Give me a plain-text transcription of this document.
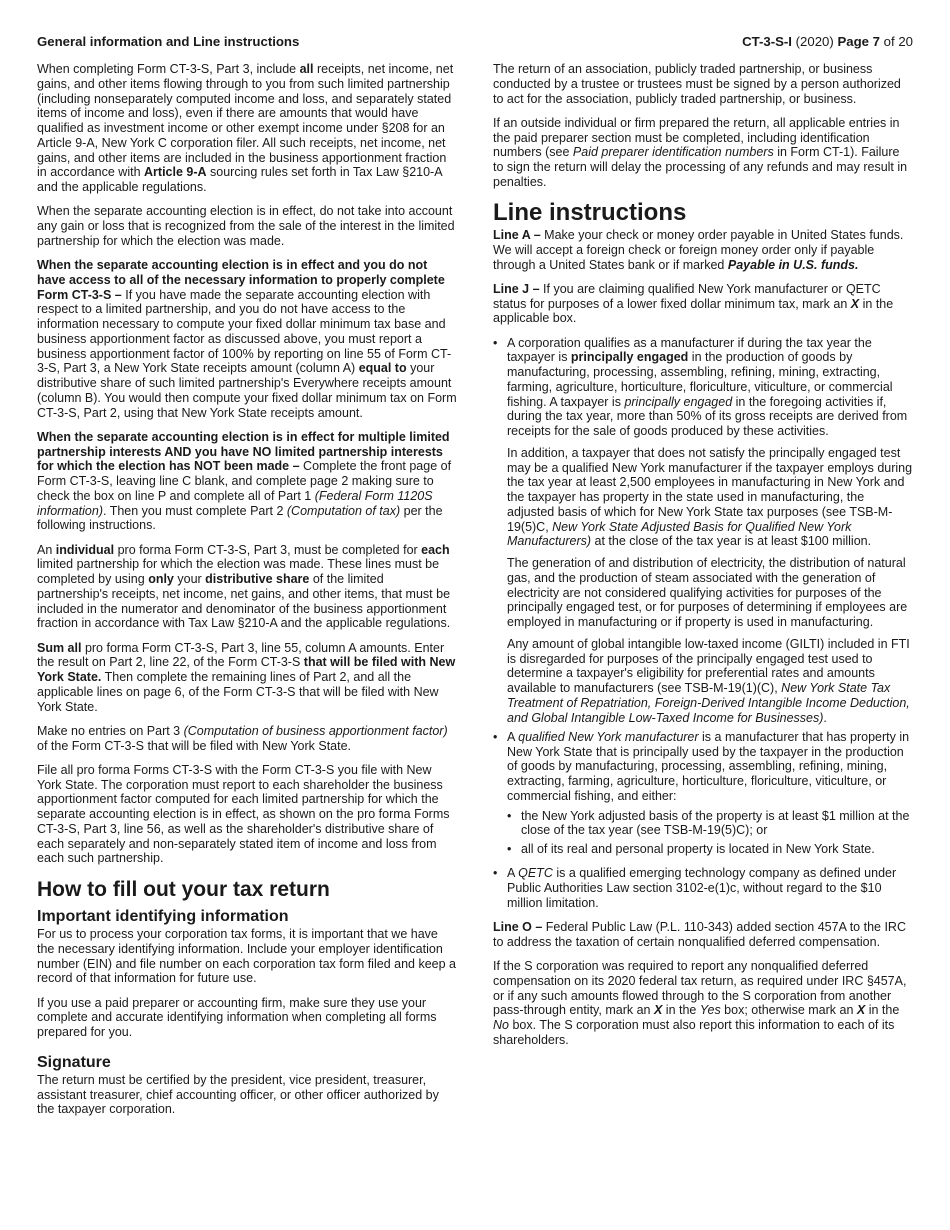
General information and Line instructions	CT-3-S-I (2020) Page 7 of 20

When completing Form CT-3-S, Part 3, include all receipts, net income, net gains, and other items flowing through to you from such limited partnership (including nonseparately computed income and loss, and separately stated items of income and loss), even if there are amounts that would have qualified as investment income or other exempt income under §208 for an Article 9-A, New York C corporation filer. All such receipts, net income, net gains, and other items are included in the business apportionment fraction in accordance with Article 9-A sourcing rules set forth in Tax Law §210-A and the applicable regulations.

When the separate accounting election is in effect, do not take into account any gain or loss that is recognized from the sale of the interest in the limited partnership for which the election was made.

When the separate accounting election is in effect and you do not have access to all of the necessary information to properly complete Form CT-3-S – If you have made the separate accounting election with respect to a limited partnership, and you do not have access to the information necessary to compute your fixed dollar minimum tax base and business apportionment factor as discussed above, you must report a business apportionment factor of 100% by reporting on line 55 of Form CT-3-S, Part 3, a New York State receipts amount (column A) equal to your distributive share of such limited partnership's Everywhere receipts amount (column B). You would then compute your fixed dollar minimum tax on Form CT-3-S, Part 2, using that New York State receipts amount.

When the separate accounting election is in effect for multiple limited partnership interests AND you have NO limited partnership interests for which the election has NOT been made – Complete the front page of Form CT-3-S, leaving line C blank, and complete page 2 making sure to check the box on line P and complete all of Part 1 (Federal Form 1120S information). Then you must complete Part 2 (Computation of tax) per the following instructions.

An individual pro forma Form CT-3-S, Part 3, must be completed for each limited partnership for which the election was made. These lines must be completed by using only your distributive share of the limited partnership's receipts, net income, net gains, and other items, that must be included in the numerator and denominator of the business apportionment fraction in accordance with Tax Law §210-A and the applicable regulations.

Sum all pro forma Form CT-3-S, Part 3, line 55, column A amounts. Enter the result on Part 2, line 22, of the Form CT-3-S that will be filed with New York State. Then complete the remaining lines of Part 2, and all the applicable lines on page 6, of the Form CT-3-S that will be filed with New York State.

Make no entries on Part 3 (Computation of business apportionment factor) of the Form CT-3-S that will be filed with New York State.

File all pro forma Forms CT-3-S with the Form CT-3-S you file with New York State. The corporation must report to each shareholder the business apportionment factor computed for each limited partnership for which the separate accounting election is in effect, as shown on the pro forma Forms CT-3-S, Part 3, line 56, as well as the shareholder's distributive share of each separately and non-separately stated item of income and loss from each such partnership.

How to fill out your tax return
Important identifying information

For us to process your corporation tax forms, it is important that we have the necessary identifying information. Include your employer identification number (EIN) and file number on each corporation tax form filed and keep a record of that information for future use.

If you use a paid preparer or accounting firm, make sure they use your complete and accurate identifying information when completing all forms prepared for you.

Signature

The return must be certified by the president, vice president, treasurer, assistant treasurer, chief accounting officer, or other officer authorized by the taxpayer corporation.

The return of an association, publicly traded partnership, or business conducted by a trustee or trustees must be signed by a person authorized to act for the association, publicly traded partnership, or business.

If an outside individual or firm prepared the return, all applicable entries in the paid preparer section must be completed, including identification numbers (see Paid preparer identification numbers in Form CT-1). Failure to sign the return will delay the processing of any refunds and may result in penalties.

Line instructions

Line A – Make your check or money order payable in United States funds. We will accept a foreign check or foreign money order only if payable through a United States bank or if marked Payable in U.S. funds.

Line J – If you are claiming qualified New York manufacturer or QETC status for purposes of a lower fixed dollar minimum tax, mark an X in the applicable box.

• A corporation qualifies as a manufacturer if during the tax year the taxpayer is principally engaged in the production of goods by manufacturing, processing, assembling, refining, mining, extracting, farming, agriculture, horticulture, floriculture, viticulture, or commercial fishing. A taxpayer is principally engaged in the foregoing activities if, during the tax year, more than 50% of its gross receipts are derived from receipts for the sale of goods produced by these activities.

In addition, a taxpayer that does not satisfy the principally engaged test may be a qualified New York manufacturer if the taxpayer employs during the tax year at least 2,500 employees in manufacturing in New York and the taxpayer has property in the state used in manufacturing, the adjusted basis of which for New York State tax purposes (see TSB-M-19(5)C, New York State Adjusted Basis for Qualified New York Manufacturers) at the close of the tax year is at least $100 million.

The generation of and distribution of electricity, the distribution of natural gas, and the production of steam associated with the generation of electricity are not considered qualifying activities for purposes of the principally engaged test, or for purposes of determining if employees are employed in manufacturing or if property is used in manufacturing.

Any amount of global intangible low-taxed income (GILTI) included in FTI is disregarded for purposes of the principally engaged test used to determine a taxpayer's eligibility for preferential rates and amounts available to manufacturers (see TSB-M-19(1)(C), New York State Tax Treatment of Repatriation, Foreign-Derived Intangible Income Deduction, and Global Intangible Low-Taxed Income for Businesses).

• A qualified New York manufacturer is a manufacturer that has property in New York State that is principally used by the taxpayer in the production of goods by manufacturing, processing, assembling, refining, mining, extracting, farming, agriculture, horticulture, floriculture, viticulture, or commercial fishing, and either:
• the New York adjusted basis of the property is at least $1 million at the close of the tax year (see TSB-M-19(5)C); or
• all of its real and personal property is located in New York State.
• A QETC is a qualified emerging technology company as defined under Public Authorities Law section 3102-e(1)c, without regard to the $10 million limitation.

Line O – Federal Public Law (P.L. 110-343) added section 457A to the IRC to address the taxation of certain nonqualified deferred compensation.

If the S corporation was required to report any nonqualified deferred compensation on its 2020 federal tax return, as required under IRC §457A, or if any such amounts flowed through to the S corporation from another pass-through entity, mark an X in the Yes box; otherwise mark an X in the No box. The S corporation must also report this information to each of its shareholders.
